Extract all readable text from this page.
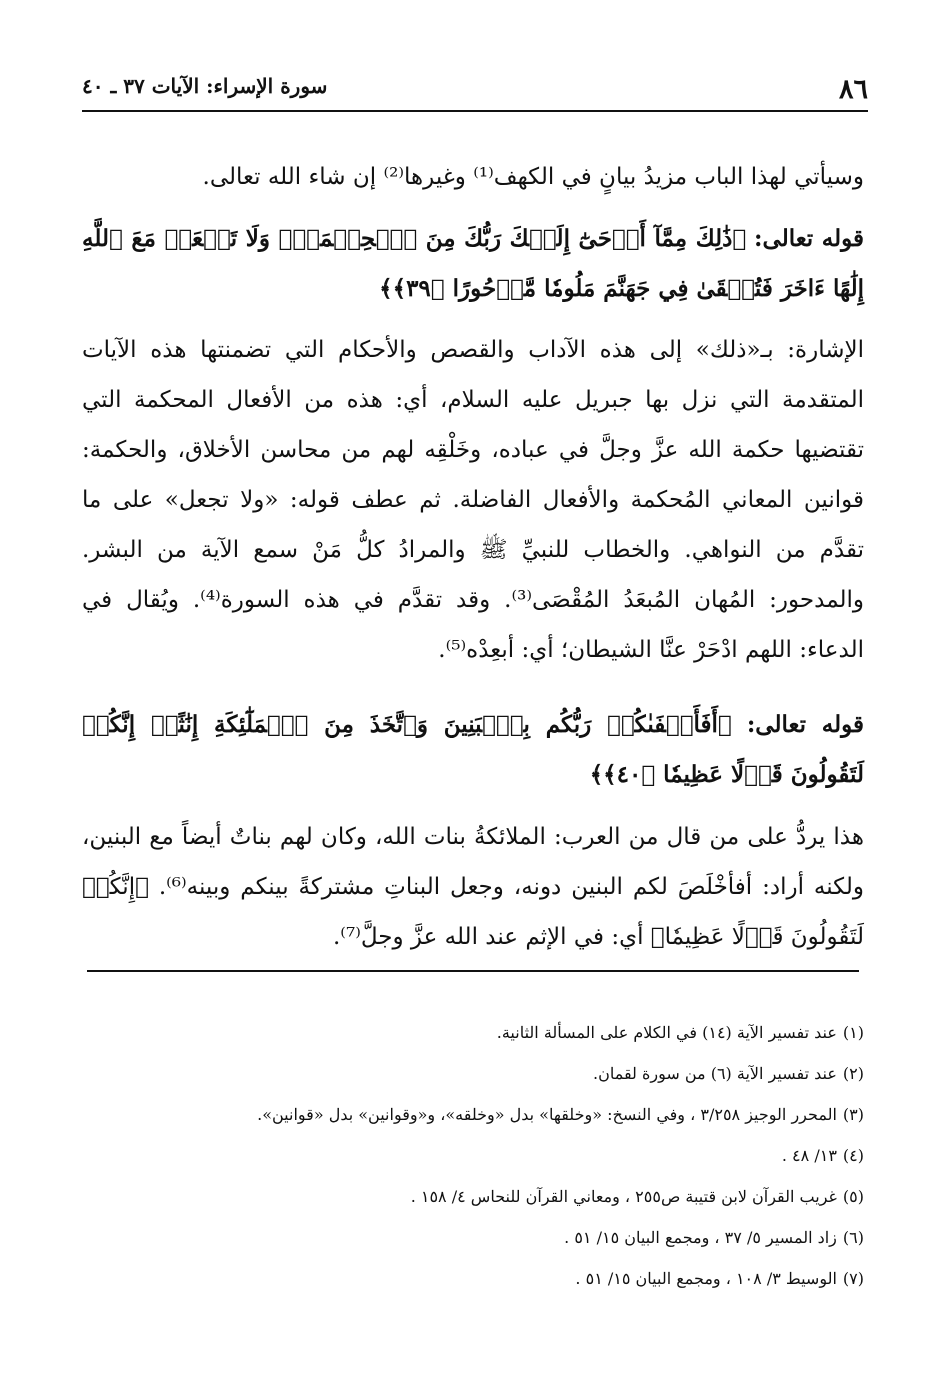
٨٦
سورة الإسراء: الآيات ٣٧ ـ ٤٠

وسيأتي لهذا الباب مزيدُ بيانٍ في الكهف⁽¹⁾ وغيرها⁽²⁾ إن شاء الله تعالى.

قوله تعالى: ﴿ذَٰلِكَ مِمَّآ أَوۡحَىٰٓ إِلَيۡكَ رَبُّكَ مِنَ ٱلۡحِكۡمَةِۗ وَلَا تَجۡعَلۡ مَعَ ٱللَّهِ إِلَٰهًا ءَاخَرَ فَتُلۡقَىٰ فِي جَهَنَّمَ مَلُومٗا مَّدۡحُورًا ﴿٣٩﴾﴾

الإشارة: بـ«ذلك» إلى هذه الآداب والقصص والأحكام التي تضمنتها هذه الآيات المتقدمة التي نزل بها جبريل عليه السلام، أي: هذه من الأفعال المحكمة التي تقتضيها حكمة الله عزَّ وجلَّ في عباده، وخَلْقِه لهم من محاسن الأخلاق، والحكمة: قوانين المعاني المُحكمة والأفعال الفاضلة. ثم عطف قوله: «ولا تجعل» على ما تقدَّم من النواهي. والخطاب للنبيِّ ﷺ والمرادُ كلُّ مَنْ سمع الآية من البشر. والمدحور: المُهان المُبعَدُ المُقْصَى⁽³⁾. وقد تقدَّم في هذه السورة⁽⁴⁾. ويُقال في الدعاء: اللهم ادْحَرْ عنَّا الشيطان؛ أي: أبعِدْه⁽⁵⁾.

قوله تعالى: ﴿أَفَأَصۡفَىٰكُمۡ رَبُّكُم بِٱلۡبَنِينَ وَٱتَّخَذَ مِنَ ٱلۡمَلَٰٓئِكَةِ إِنَٰثًاۚ إِنَّكُمۡ لَتَقُولُونَ قَوۡلًا عَظِيمٗا ﴿٤٠﴾﴾

هذا يردُّ على من قال من العرب: الملائكةُ بنات الله، وكان لهم بناتٌ أيضاً مع البنين، ولكنه أراد: أفأخْلَصَ لكم البنين دونه، وجعل البناتِ مشتركةً بينكم وبينه⁽⁶⁾. ﴿إِنَّكُمۡ لَتَقُولُونَ قَوۡلًا عَظِيمٗا﴾ أي: في الإثم عند الله عزَّ وجلَّ⁽⁷⁾.

(١)عند تفسير الآية (١٤) في الكلام على المسألة الثانية.

(٢)عند تفسير الآية (٦) من سورة لقمان.

(٣)المحرر الوجيز ٣/٢٥٨ ، وفي النسخ: «وخلقها» بدل «وخلقه»، و«وقوانين» بدل «قوانين».

(٤)١٣/ ٤٨ .

(٥)غريب القرآن لابن قتيبة ص٢٥٥ ، ومعاني القرآن للنحاس ٤/ ١٥٨ .

(٦)زاد المسير ٥/ ٣٧ ، ومجمع البيان ١٥/ ٥١ .

(٧)الوسيط ٣/ ١٠٨ ، ومجمع البيان ١٥/ ٥١ .
